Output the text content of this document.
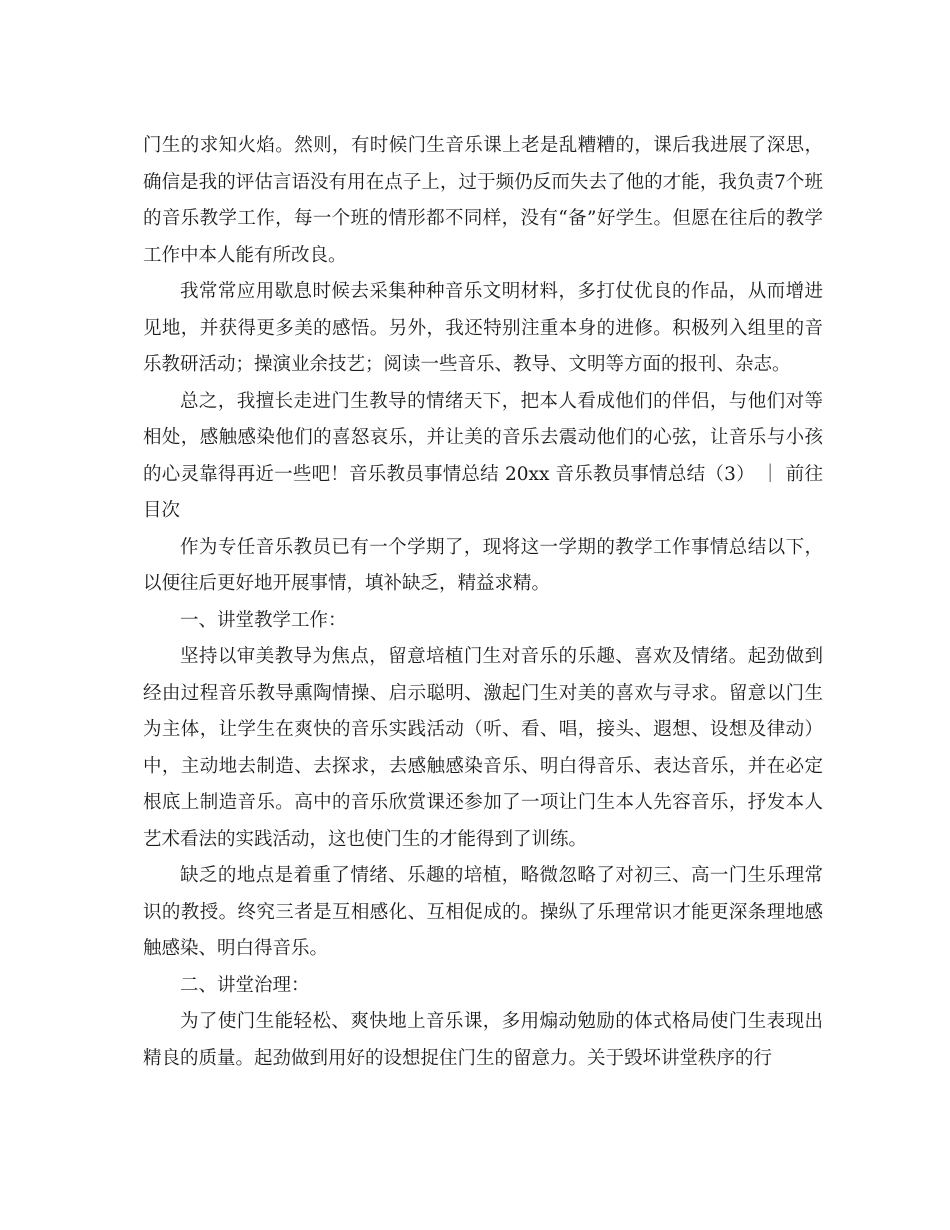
门生的求知火焰。然则，有时候门生音乐课上老是乱糟糟的，课后我进展了深思，确信是我的评估言语没有用在点子上，过于频仍反而失去了他的才能，我负责7个班的音乐教学工作，每一个班的情形都不同样，没有“备”好学生。但愿在往后的教学工作中本人能有所改良。

我常常应用歇息时候去采集种种音乐文明材料，多打仗优良的作品，从而增进见地，并获得更多美的感悟。另外，我还特别注重本身的进修。积极列入组里的音乐教研活动；操演业余技艺；阅读一些音乐、教导、文明等方面的报刊、杂志。

总之，我擅长走进门生教导的情绪天下，把本人看成他们的伴侣，与他们对等相处，感触感染他们的喜怒哀乐，并让美的音乐去震动他们的心弦，让音乐与小孩的心灵靠得再近一些吧！音乐教员事情总结 20xx 音乐教员事情总结（3） ｜ 前往目次

作为专任音乐教员已有一个学期了，现将这一学期的教学工作事情总结以下，以便往后更好地开展事情，填补缺乏，精益求精。

一、讲堂教学工作：

坚持以审美教导为焦点，留意培植门生对音乐的乐趣、喜欢及情绪。起劲做到经由过程音乐教导熏陶情操、启示聪明、激起门生对美的喜欢与寻求。留意以门生为主体，让学生在爽快的音乐实践活动（听、看、唱，接头、遐想、设想及律动）中，主动地去制造、去探求，去感触感染音乐、明白得音乐、表达音乐，并在必定根底上制造音乐。高中的音乐欣赏课还参加了一项让门生本人先容音乐，抒发本人艺术看法的实践活动，这也使门生的才能得到了训练。

缺乏的地点是着重了情绪、乐趣的培植，略微忽略了对初三、高一门生乐理常识的教授。终究三者是互相感化、互相促成的。操纵了乐理常识才能更深条理地感触感染、明白得音乐。

二、讲堂治理：

为了使门生能轻松、爽快地上音乐课，多用煽动勉励的体式格局使门生表现出精良的质量。起劲做到用好的设想捉住门生的留意力。关于毁坏讲堂秩序的行
